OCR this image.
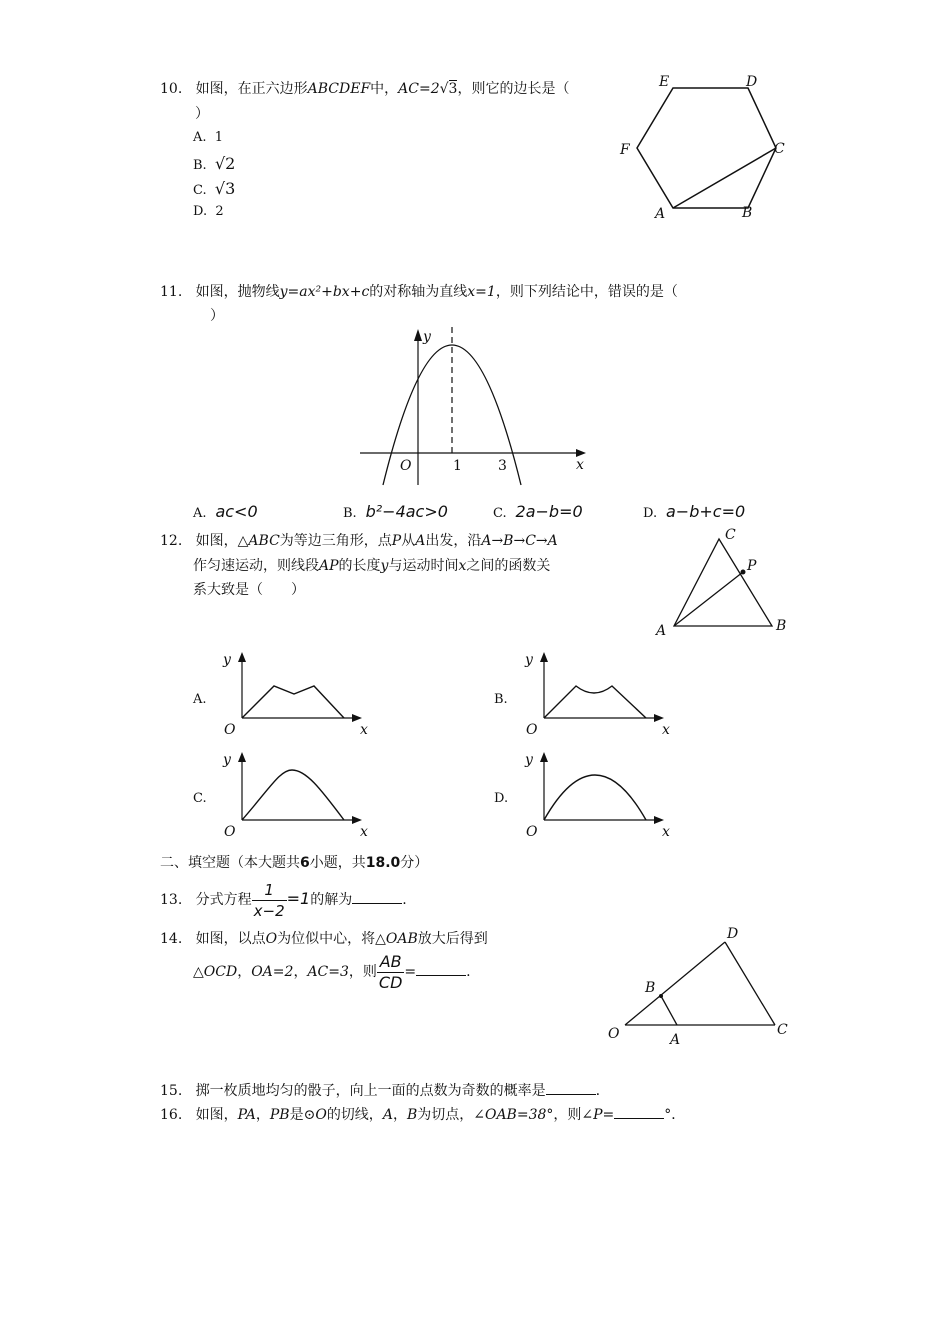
10. 如图，在正六边形ABCDEF中，AC=2√3，则它的边长是（
）
A. 1
B. √2
C. √3
D. 2
E	D
F	C
A	B
11. 如图，抛物线y=ax²+bx+c的对称轴为直线x=1，则下列结论中，错误的是（
）
y
x
O	1	3
A. ac<0	B. b²−4ac>0	C. 2a−b=0	D. a−b+c=0
12. 如图，△ABC为等边三角形，点P从A出发，沿A→B→C→A
作匀速运动，则线段AP的长度y与运动时间x之间的函数关
系大致是（　　）
C
P
A	B
A.
y
x
O
B.
y
x
O
C.
y
x
O
D.
y
x
O
二、填空题（本大题共6小题，共18.0分）
13. 分式方程 $\frac{1}{x-2} =1$的解为	.
14. 如图，以点O为位似中心，将△OAB放大后得到
△OCD，OA=2，AC=3，则 $\frac{AB}{CD}$ =	.
D
B
O	A
C
15. 掷一枚质地均匀的骰子，向上一面的点数为奇数的概率是	.
16. 如图，PA，PB是⊙O的切线，A，B为切点，∠OAB=38°，则∠P=	°．
